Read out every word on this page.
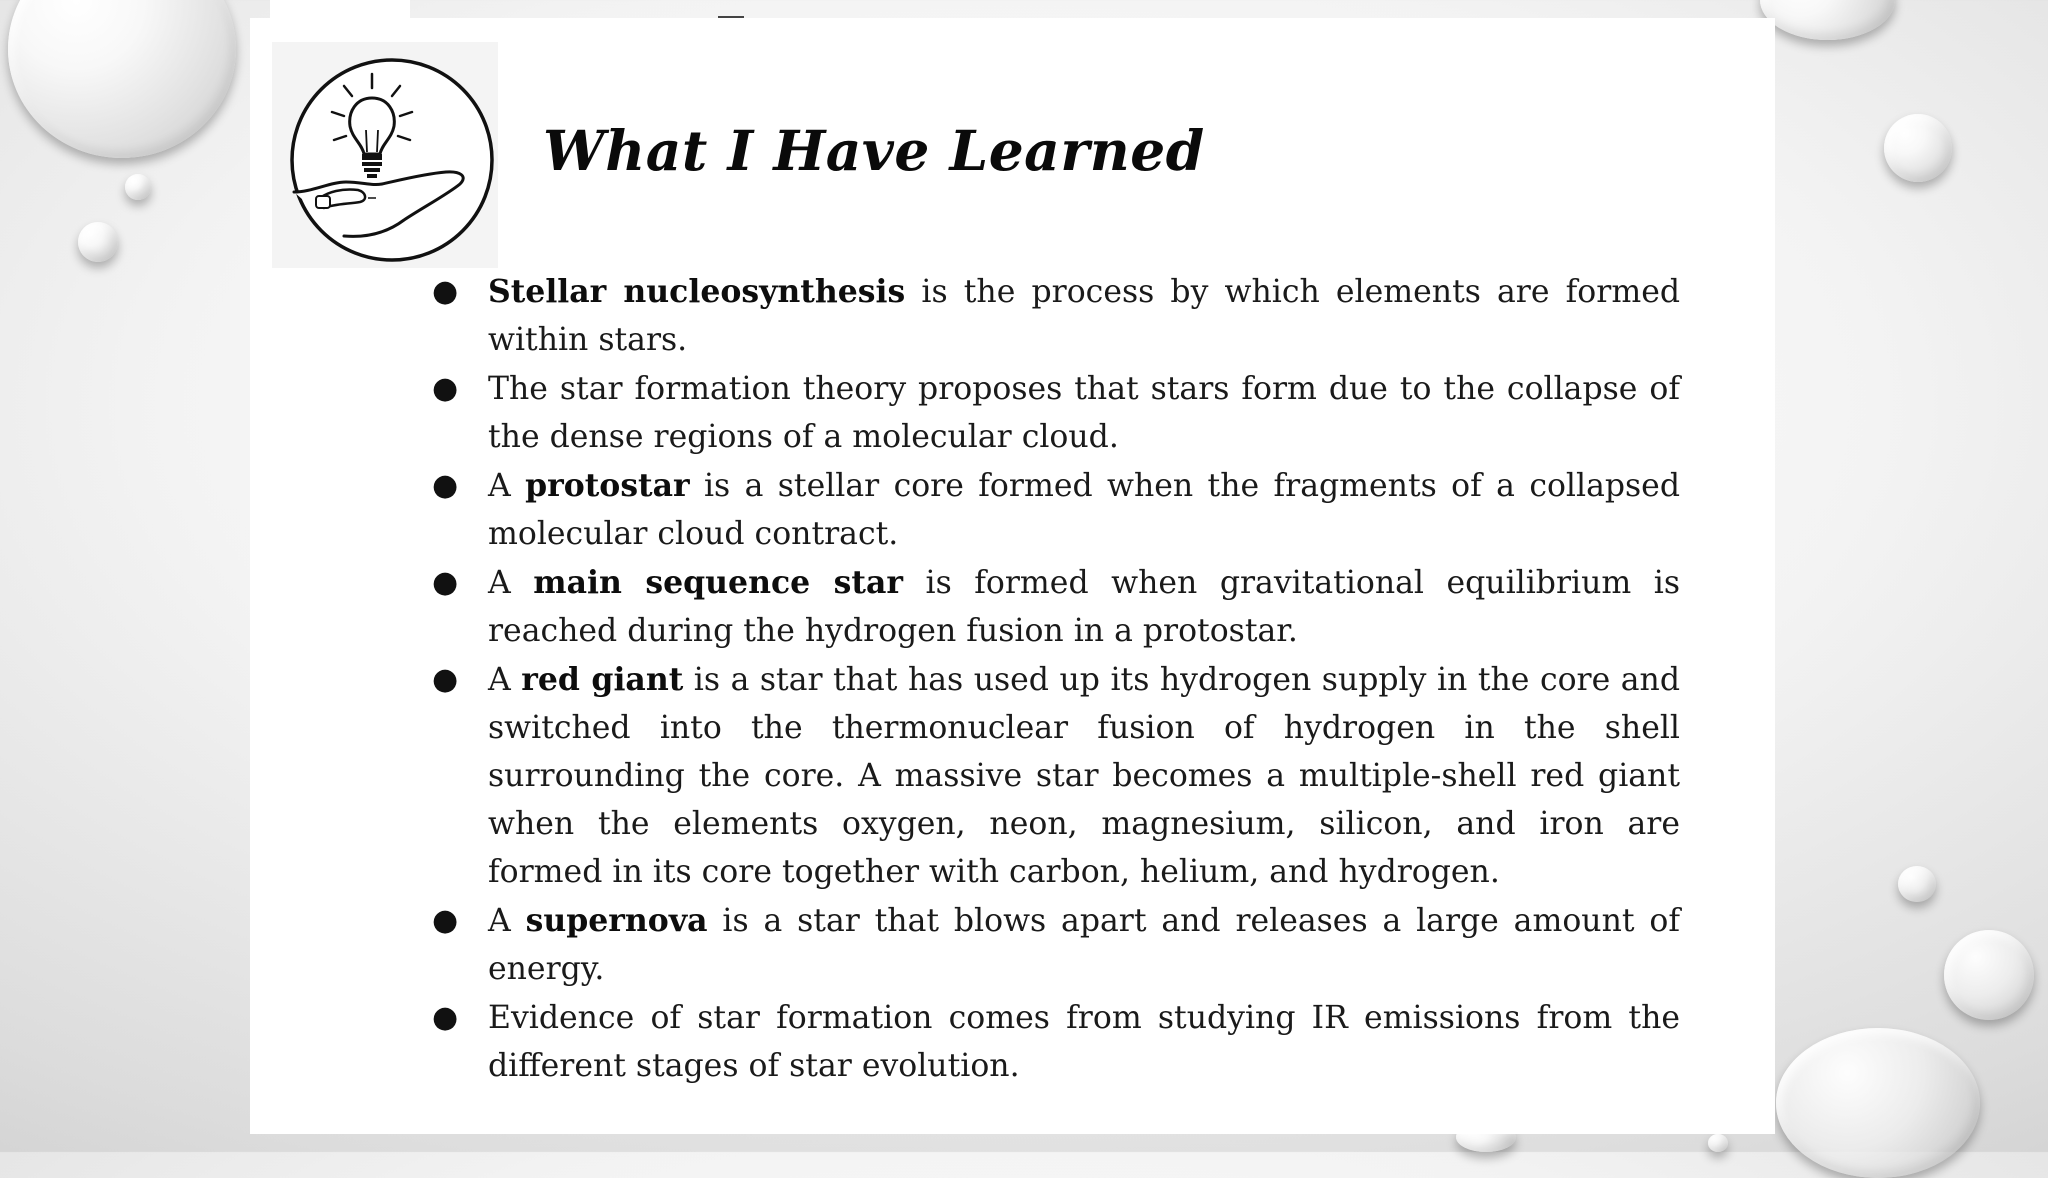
What I Have Learned
● Stellar nucleosynthesis is the process by which elements are formed within stars.
● The star formation theory proposes that stars form due to the collapse of the dense regions of a molecular cloud.
● A protostar is a stellar core formed when the fragments of a collapsed molecular cloud contract.
● A main sequence star is formed when gravitational equilibrium is reached during the hydrogen fusion in a protostar.
● A red giant is a star that has used up its hydrogen supply in the core and switched into the thermonuclear fusion of hydrogen in the shell surrounding the core. A massive star becomes a multiple-shell red giant when the elements oxygen, neon, magnesium, silicon, and iron are formed in its core together with carbon, helium, and hydrogen.
● A supernova is a star that blows apart and releases a large amount of energy.
● Evidence of star formation comes from studying IR emissions from the different stages of star evolution.
